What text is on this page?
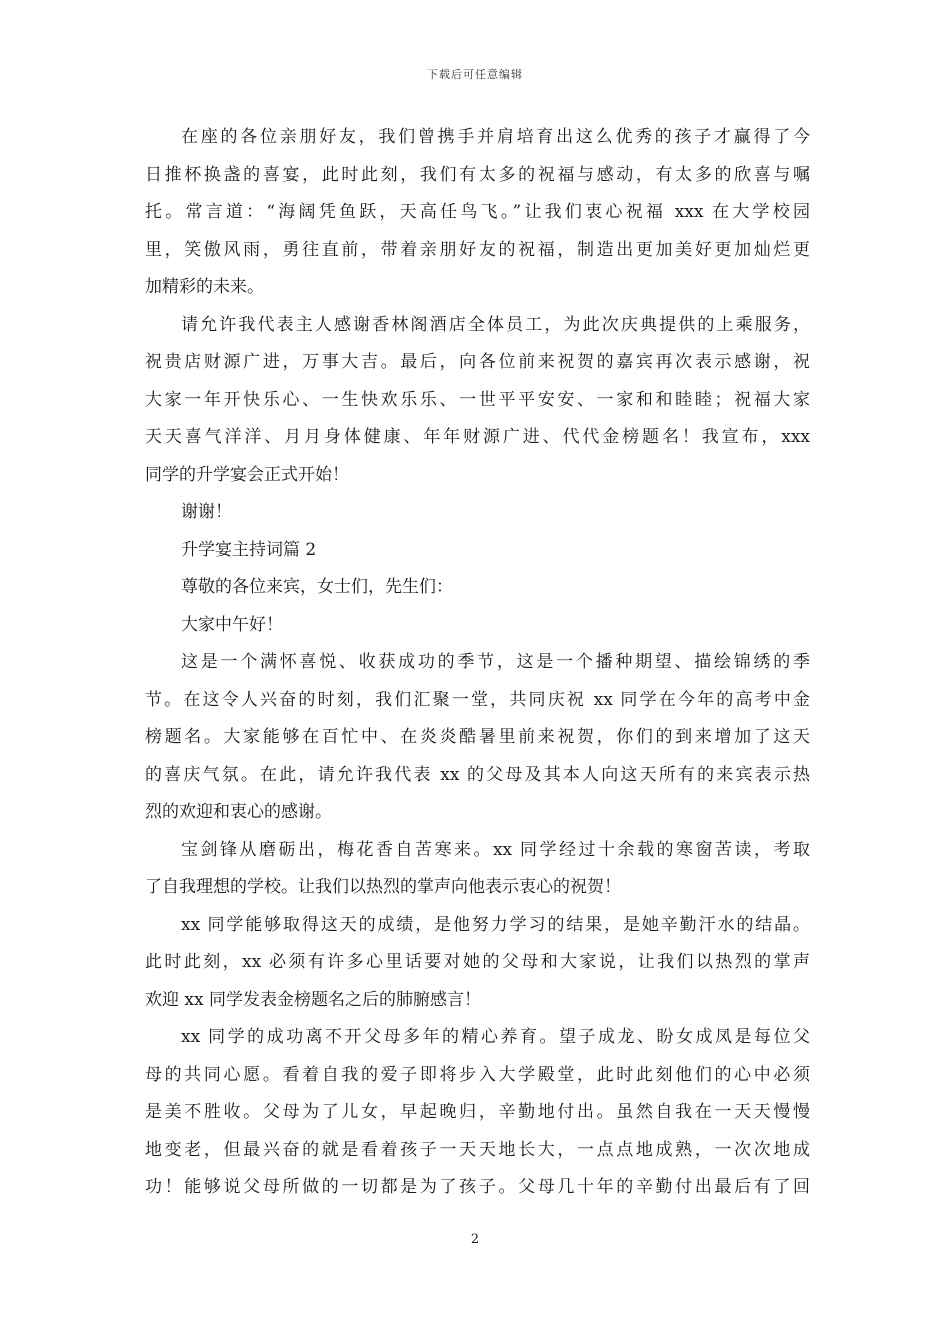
下载后可任意编辑
在座的各位亲朋好友，我们曾携手并肩培育出这么优秀的孩子才赢得了今
日推杯换盏的喜宴，此时此刻，我们有太多的祝福与感动，有太多的欣喜与嘱
托。常言道：“海阔凭鱼跃，天高任鸟飞。”让我们衷心祝福 xxx 在大学校园
里，笑傲风雨，勇往直前，带着亲朋好友的祝福，制造出更加美好更加灿烂更
加精彩的未来。
请允许我代表主人感谢香林阁酒店全体员工，为此次庆典提供的上乘服务，
祝贵店财源广进，万事大吉。最后，向各位前来祝贺的嘉宾再次表示感谢，祝
大家一年开快乐心、一生快欢乐乐、一世平平安安、一家和和睦睦；祝福大家
天天喜气洋洋、月月身体健康、年年财源广进、代代金榜题名！我宣布，xxx
同学的升学宴会正式开始！
谢谢！
升学宴主持词篇 2
尊敬的各位来宾，女士们，先生们：
大家中午好！
这是一个满怀喜悦、收获成功的季节，这是一个播种期望、描绘锦绣的季
节。在这令人兴奋的时刻，我们汇聚一堂，共同庆祝 xx 同学在今年的高考中金
榜题名。大家能够在百忙中、在炎炎酷暑里前来祝贺，你们的到来增加了这天
的喜庆气氛。在此，请允许我代表 xx 的父母及其本人向这天所有的来宾表示热
烈的欢迎和衷心的感谢。
宝剑锋从磨砺出，梅花香自苦寒来。xx 同学经过十余载的寒窗苦读，考取
了自我理想的学校。让我们以热烈的掌声向他表示衷心的祝贺！
xx 同学能够取得这天的成绩，是他努力学习的结果，是她辛勤汗水的结晶。
此时此刻，xx 必须有许多心里话要对她的父母和大家说，让我们以热烈的掌声
欢迎 xx 同学发表金榜题名之后的肺腑感言！
xx 同学的成功离不开父母多年的精心养育。望子成龙、盼女成凤是每位父
母的共同心愿。看着自我的爱子即将步入大学殿堂，此时此刻他们的心中必须
是美不胜收。父母为了儿女，早起晚归，辛勤地付出。虽然自我在一天天慢慢
地变老，但最兴奋的就是看着孩子一天天地长大，一点点地成熟，一次次地成
功！能够说父母所做的一切都是为了孩子。父母几十年的辛勤付出最后有了回
2
